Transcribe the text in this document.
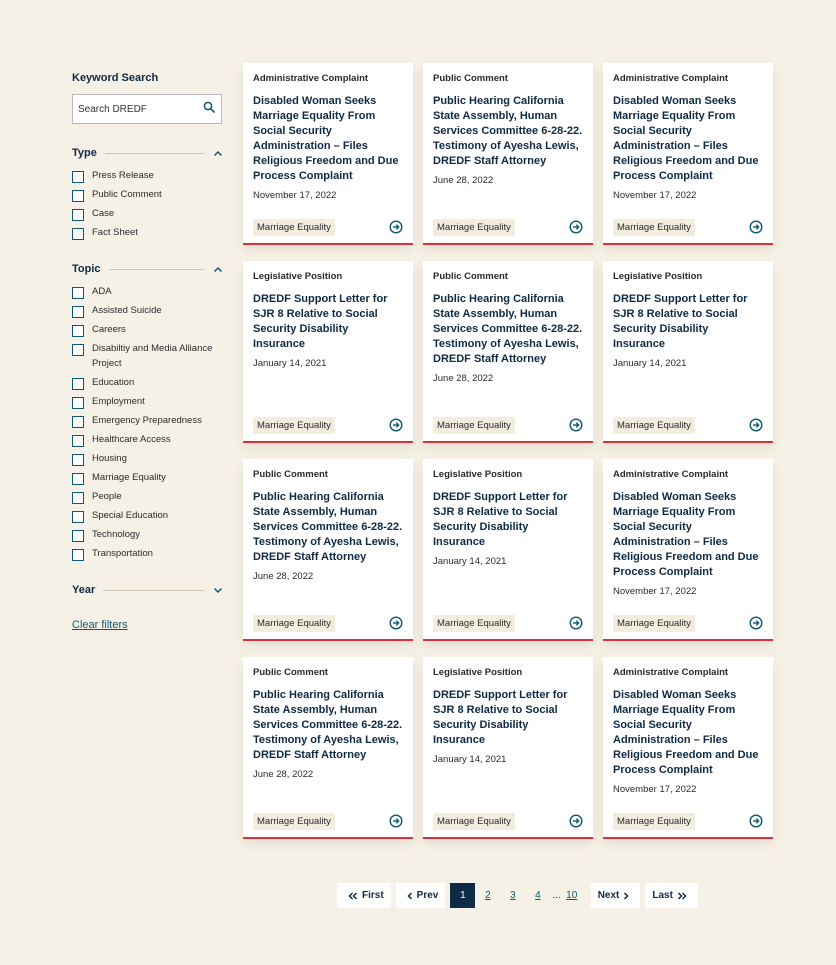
Keyword Search
Search DREDF
Type
Press Release
Public Comment
Case
Fact Sheet
Topic
ADA
Assisted Suicide
Careers
Disabiltiy and Media Alliance Project
Education
Employment
Emergency Preparedness
Healthcare Access
Housing
Marriage Equality
People
Special Education
Technology
Transportation
Year
Clear filters
Administrative Complaint
Disabled Woman Seeks Marriage Equality From Social Security Administration – Files Religious Freedom and Due Process Complaint
November 17, 2022
Marriage Equality
Public Comment
Public Hearing California State Assembly, Human Services Committee 6-28-22. Testimony of Ayesha Lewis, DREDF Staff Attorney
June 28, 2022
Marriage Equality
Administrative Complaint
Disabled Woman Seeks Marriage Equality From Social Security Administration – Files Religious Freedom and Due Process Complaint
November 17, 2022
Marriage Equality
Legislative Position
DREDF Support Letter for SJR 8 Relative to Social Security Disability Insurance
January 14, 2021
Marriage Equality
Public Comment
Public Hearing California State Assembly, Human Services Committee 6-28-22. Testimony of Ayesha Lewis, DREDF Staff Attorney
June 28, 2022
Marriage Equality
Legislative Position
DREDF Support Letter for SJR 8 Relative to Social Security Disability Insurance
January 14, 2021
Marriage Equality
Public Comment
Public Hearing California State Assembly, Human Services Committee 6-28-22. Testimony of Ayesha Lewis, DREDF Staff Attorney
June 28, 2022
Marriage Equality
Legislative Position
DREDF Support Letter for SJR 8 Relative to Social Security Disability Insurance
January 14, 2021
Marriage Equality
Administrative Complaint
Disabled Woman Seeks Marriage Equality From Social Security Administration – Files Religious Freedom and Due Process Complaint
November 17, 2022
Marriage Equality
Public Comment
Public Hearing California State Assembly, Human Services Committee 6-28-22. Testimony of Ayesha Lewis, DREDF Staff Attorney
June 28, 2022
Marriage Equality
Legislative Position
DREDF Support Letter for SJR 8 Relative to Social Security Disability Insurance
January 14, 2021
Marriage Equality
Administrative Complaint
Disabled Woman Seeks Marriage Equality From Social Security Administration – Files Religious Freedom and Due Process Complaint
November 17, 2022
Marriage Equality
First	Prev	1	2	3	4	... 10	Next	Last
